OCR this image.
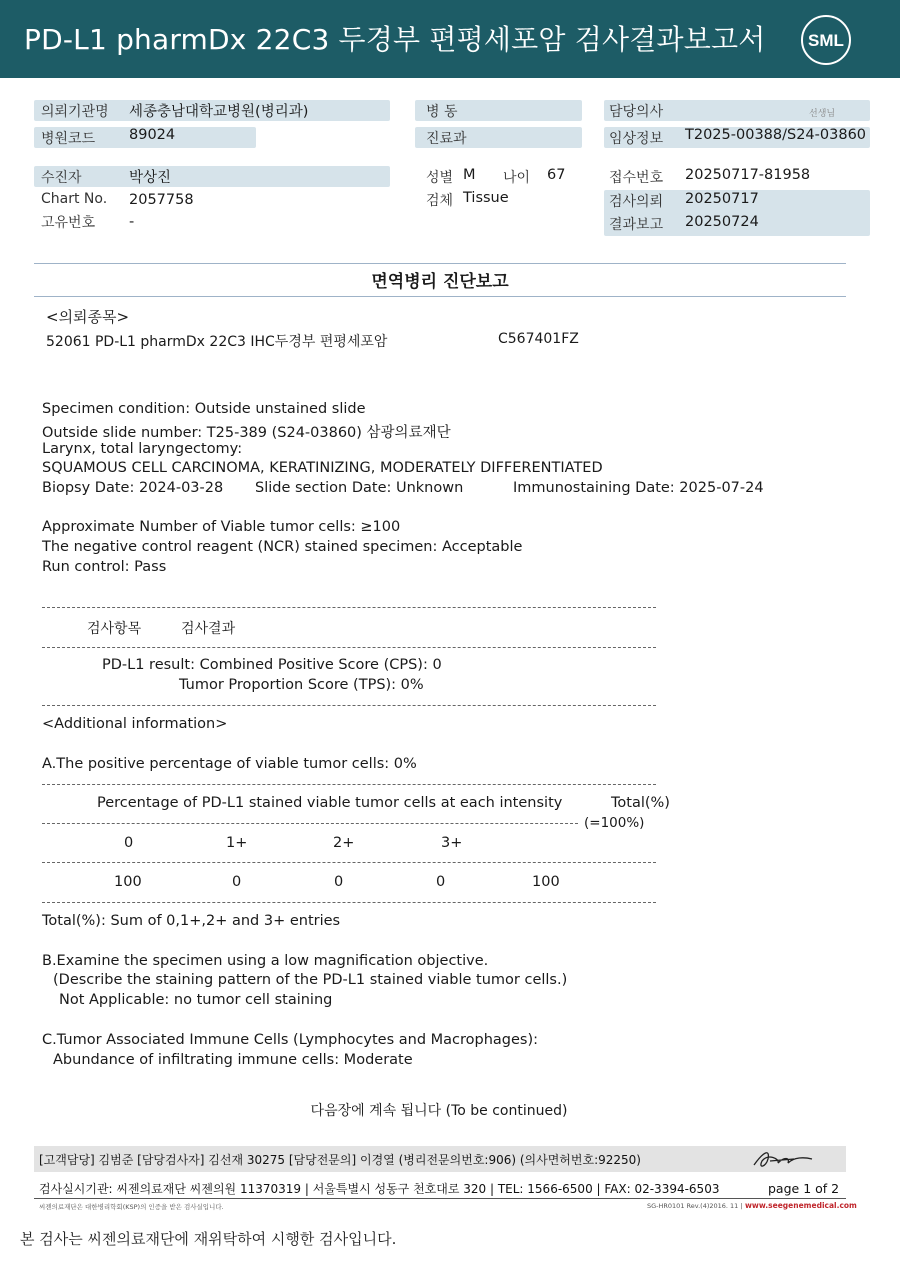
PD-L1 pharmDx 22C3 두경부 편평세포암 검사결과보고서	SML
의뢰기관명 세종충남대학교병원(병리과)
병원코드 89024
병 동
진료과
담당의사	선생님
임상정보 T2025-00388/S24-03860
수진자	박상진
Chart No. 2057758
고유번호 -
성별 M 나이 67
검체 Tissue
접수번호 20250717-81958
검사의뢰 20250717
결과보고 20250724
면역병리 진단보고
<의뢰종목>
52061 PD-L1 pharmDx 22C3 IHC두경부 편평세포암	C567401FZ
Specimen condition: Outside unstained slide
Outside slide number: T25-389 (S24-03860) 삼광의료재단
Larynx, total laryngectomy:
SQUAMOUS CELL CARCINOMA, KERATINIZING, MODERATELY DIFFERENTIATED
Biopsy Date: 2024-03-28 Slide section Date: Unknown	Immunostaining Date: 2025-07-24
Approximate Number of Viable tumor cells: ≥100
The negative control reagent (NCR) stained specimen: Acceptable
Run control: Pass
검사항목	검사결과
PD-L1 result: Combined Positive Score (CPS): 0
Tumor Proportion Score (TPS): 0%
<Additional information>
A.The positive percentage of viable tumor cells: 0%
Percentage of PD-L1 stained viable tumor cells at each intensity	Total(%)
(=100%)
0	1+	2+	3+
100	0	0	0	100
Total(%): Sum of 0,1+,2+ and 3+ entries
B.Examine the specimen using a low magnification objective.
(Describe the staining pattern of the PD-L1 stained viable tumor cells.)
Not Applicable: no tumor cell staining
C.Tumor Associated Immune Cells (Lymphocytes and Macrophages):
Abundance of infiltrating immune cells: Moderate
다음장에 계속 됩니다 (To be continued)
[고객담당] 김범준 [담당검사자] 김선재 30275 [담당전문의] 이경열 (병리전문의번호:906) (의사면허번호:92250)
검사실시기관: 씨젠의료재단 씨젠의원 11370319 | 서울특별시 성동구 천호대로 320 | TEL: 1566-6500 | FAX: 02-3394-6503	page 1 of 2
씨젠의료재단은 대한병리학회(KSP)의 인증을 받은 검사실입니다.	SG-HR0101 Rev.(4)2016. 11 | www.seegenemedical.com
본 검사는 씨젠의료재단에 재위탁하여 시행한 검사입니다.
